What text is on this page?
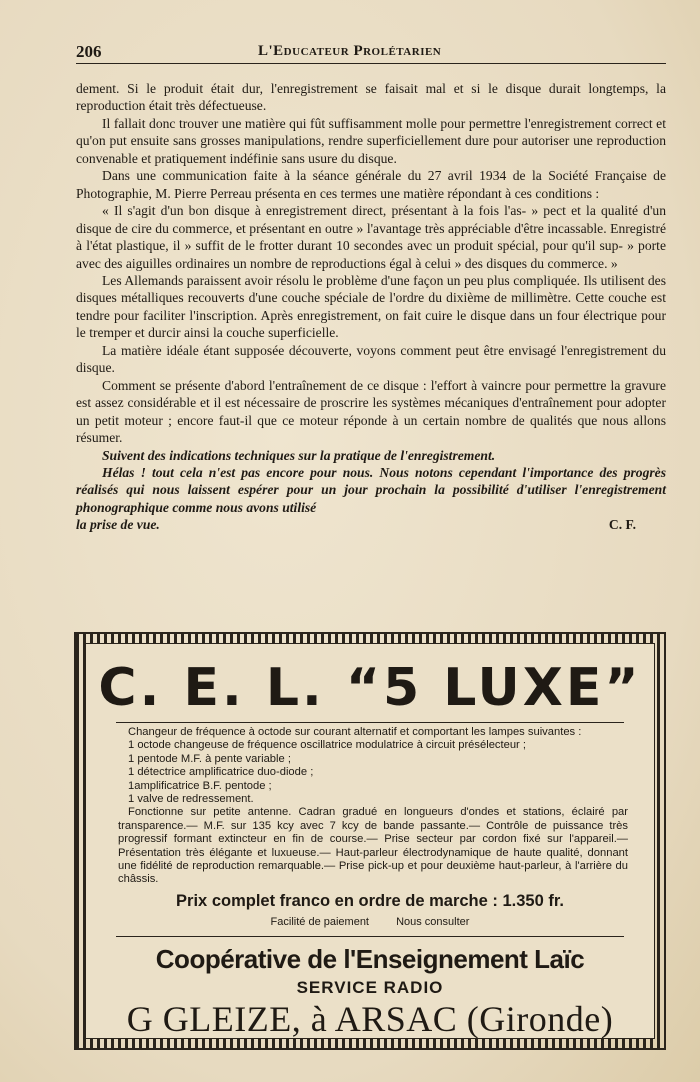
206	L'Educateur Prolétarien

dement. Si le produit était dur, l'enregistrement se faisait mal et si le disque durait longtemps, la reproduction était très défectueuse.

Il fallait donc trouver une matière qui fût suffisamment molle pour permettre l'enregistrement correct et qu'on put ensuite sans grosses manipulations, rendre superficiellement dure pour autoriser une reproduction convenable et pratiquement indéfinie sans usure du disque.

Dans une communication faite à la séance générale du 27 avril 1934 de la Société Française de Photographie, M. Pierre Perreau présenta en ces termes une matière répondant à ces conditions :

« Il s'agit d'un bon disque à enregistrement direct, présentant à la fois l'as- » pect et la qualité d'un disque de cire du commerce, et présentant en outre » l'avantage très appréciable d'être incassable. Enregistré à l'état plastique, il » suffit de le frotter durant 10 secondes avec un produit spécial, pour qu'il sup- » porte avec des aiguilles ordinaires un nombre de reproductions égal à celui » des disques du commerce. »

Les Allemands paraissent avoir résolu le problème d'une façon un peu plus compliquée. Ils utilisent des disques métalliques recouverts d'une couche spéciale de l'ordre du dixième de millimètre. Cette couche est tendre pour faciliter l'inscription. Après enregistrement, on fait cuire le disque dans un four électrique pour le tremper et durcir ainsi la couche superficielle.

La matière idéale étant supposée découverte, voyons comment peut être envisagé l'enregistrement du disque.

Comment se présente d'abord l'entraînement de ce disque : l'effort à vaincre pour permettre la gravure est assez considérable et il est nécessaire de proscrire les systèmes mécaniques d'entraînement pour adopter un petit moteur ; encore faut-il que ce moteur réponde à un certain nombre de qualités que nous allons résumer.

Suivent des indications techniques sur la pratique de l'enregistrement.

Hélas ! tout cela n'est pas encore pour nous. Nous notons cependant l'importance des progrès réalisés qui nous laissent espérer pour un jour prochain la possibilité d'utiliser l'enregistrement phonographique comme nous avons utilisé

la prise de vue.	C. F.
C. E. L. “5 LUXE”

Changeur de fréquence à octode sur courant alternatif et comportant les lampes suivantes :

1 octode changeuse de fréquence oscillatrice modulatrice à circuit présélecteur ;

1 pentode M.F. à pente variable ;

1 détectrice amplificatrice duo-diode ;

1amplificatrice B.F. pentode ;

1 valve de redressement.

Fonctionne sur petite antenne. Cadran gradué en longueurs d'ondes et stations, éclairé par transparence.— M.F. sur 135 kcy avec 7 kcy de bande passante.— Contrôle de puissance très progressif formant extincteur en fin de course.— Prise secteur par cordon fixé sur l'appareil.— Présentation très élégante et luxueuse.— Haut-parleur électrodynamique de haute qualité, donnant une fidélité de reproduction remarquable.— Prise pick-up et pour deuxième haut-parleur, à l'arrière du châssis.

Prix complet franco en ordre de marche : 1.350 fr.
Facilité de paiement Nous consulter
Coopérative de l'Enseignement Laïc
SERVICE RADIO
G GLEIZE, à ARSAC (Gironde)
